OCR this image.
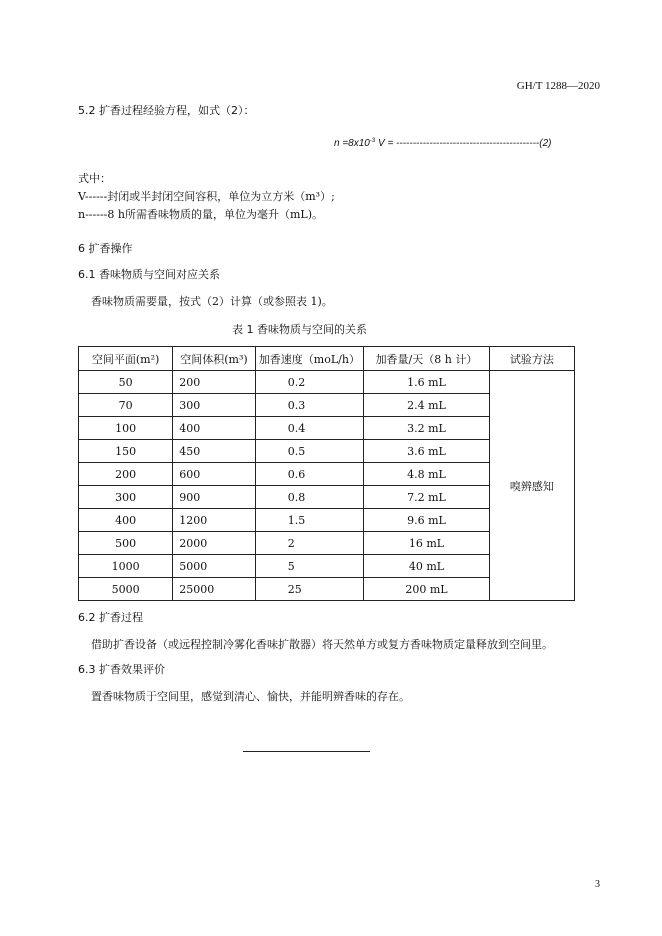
GH/T 1288—2020
5.2 扩香过程经验方程，如式（2）：
$n =8x10^{-3}$ V = -------------------------------------------(2)
式中：
V------封闭或半封闭空间容积，单位为立方米（m³）;
n------8 h所需香味物质的量，单位为毫升（mL)。
6 扩香操作
6.1 香味物质与空间对应关系
香味物质需要量，按式（2）计算（或参照表 1)。
表 1 香味物质与空间的关系
空间平面(m²)	空间体积(m³)	加香速度（moL/h）	加香量/天（8 h 计）	试验方法
50	200	0.2	1.6 mL	嗅辨感知
70	300	0.3	2.4 mL	
100	400	0.4	3.2 mL	
150	450	0.5	3.6 mL	
200	600	0.6	4.8 mL	
300	900	0.8	7.2 mL	
400	1200	1.5	9.6 mL	
500	2000	2	16 mL	
1000	5000	5	40 mL	
5000	25000	25	200 mL	
6.2 扩香过程
借助扩香设备（或远程控制冷雾化香味扩散器）将天然单方或复方香味物质定量释放到空间里。
6.3 扩香效果评价
置香味物质于空间里，感觉到清心、愉快，并能明辨香味的存在。
3
